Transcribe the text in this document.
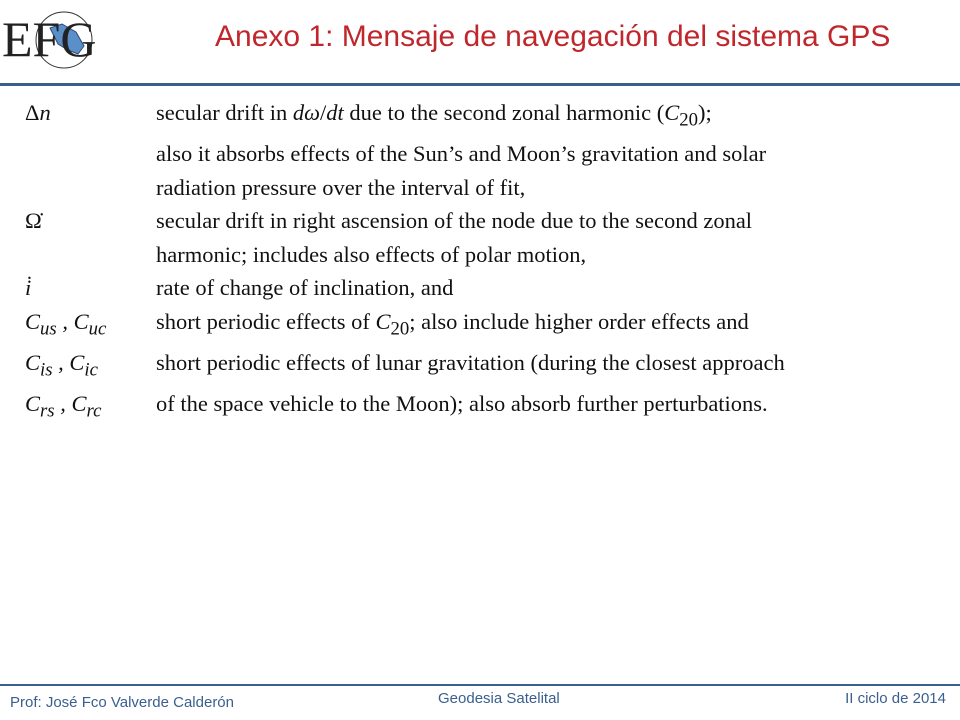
EFG	Anexo 1: Mensaje de navegación del sistema GPS
Δn	secular drift in dω/dt due to the second zonal harmonic $(C_{20})$;
also it absorbs effects of the Sun’s and Moon’s gravitation and solar
radiation pressure over the interval of fit,
Ω̇	secular drift in right ascension of the node due to the second zonal
harmonic; includes also effects of polar motion,
i̇	rate of change of inclination, and
$C_{us}$ , $C_{uc}$	short periodic effects of $C_{20}$; also include higher order effects and
$C_{is}$ , $C_{ic}$	short periodic effects of lunar gravitation (during the closest approach
$C_{rs}$ , $C_{rc}$	of the space vehicle to the Moon); also absorb further perturbations.
Prof: José Fco Valverde Calderón	Geodesia Satelital	II ciclo de 2014
